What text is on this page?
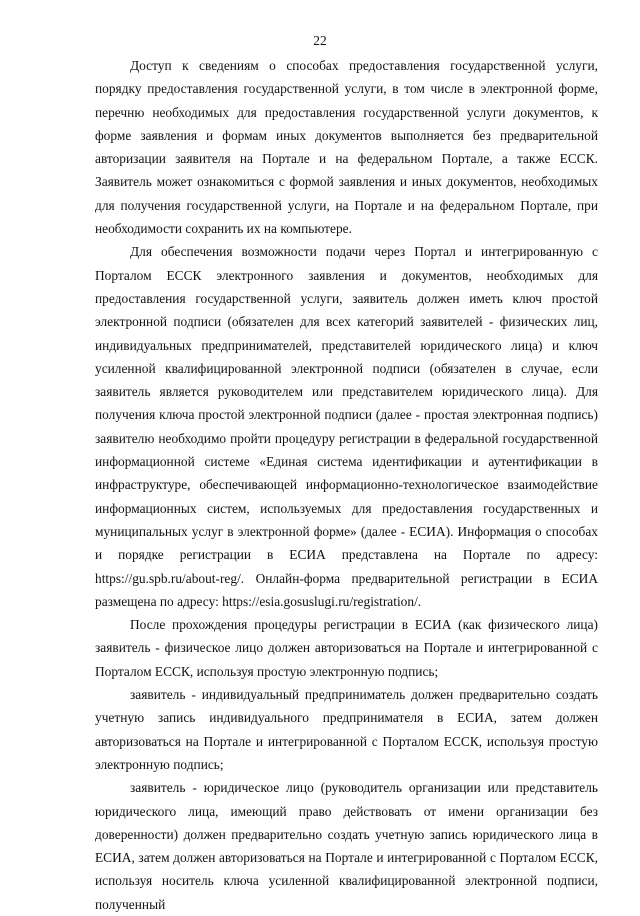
22

Доступ к сведениям о способах предоставления государственной услуги, порядку предоставления государственной услуги, в том числе в электронной форме, перечню необходимых для предоставления государственной услуги документов, к форме заявления и формам иных документов выполняется без предварительной авторизации заявителя на Портале и на федеральном Портале, а также ЕССК. Заявитель может ознакомиться с формой заявления и иных документов, необходимых для получения государственной услуги, на Портале и на федеральном Портале, при необходимости сохранить их на компьютере.

Для обеспечения возможности подачи через Портал и интегрированную с Порталом ЕССК электронного заявления и документов, необходимых для предоставления государственной услуги, заявитель должен иметь ключ простой электронной подписи (обязателен для всех категорий заявителей - физических лиц, индивидуальных предпринимателей, представителей юридического лица) и ключ усиленной квалифицированной электронной подписи (обязателен в случае, если заявитель является руководителем или представителем юридического лица). Для получения ключа простой электронной подписи (далее - простая электронная подпись) заявителю необходимо пройти процедуру регистрации в федеральной государственной информационной системе «Единая система идентификации и аутентификации в инфраструктуре, обеспечивающей информационно-технологическое взаимодействие информационных систем, используемых для предоставления государственных и муниципальных услуг в электронной форме» (далее - ЕСИА). Информация о способах и порядке регистрации в ЕСИА представлена на Портале по адресу: https://gu.spb.ru/about-reg/. Онлайн-форма предварительной регистрации в ЕСИА размещена по адресу: https://esia.gosuslugi.ru/registration/.

После прохождения процедуры регистрации в ЕСИА (как физического лица) заявитель - физическое лицо должен авторизоваться на Портале и интегрированной с Порталом ЕССК, используя простую электронную подпись;

заявитель - индивидуальный предприниматель должен предварительно создать учетную запись индивидуального предпринимателя в ЕСИА, затем должен авторизоваться на Портале и интегрированной с Порталом ЕССК, используя простую электронную подпись;

заявитель - юридическое лицо (руководитель организации или представитель юридического лица, имеющий право действовать от имени организации без доверенности) должен предварительно создать учетную запись юридического лица в ЕСИА, затем должен авторизоваться на Портале и интегрированной с Порталом ЕССК, используя носитель ключа усиленной квалифицированной электронной подписи, полученный
